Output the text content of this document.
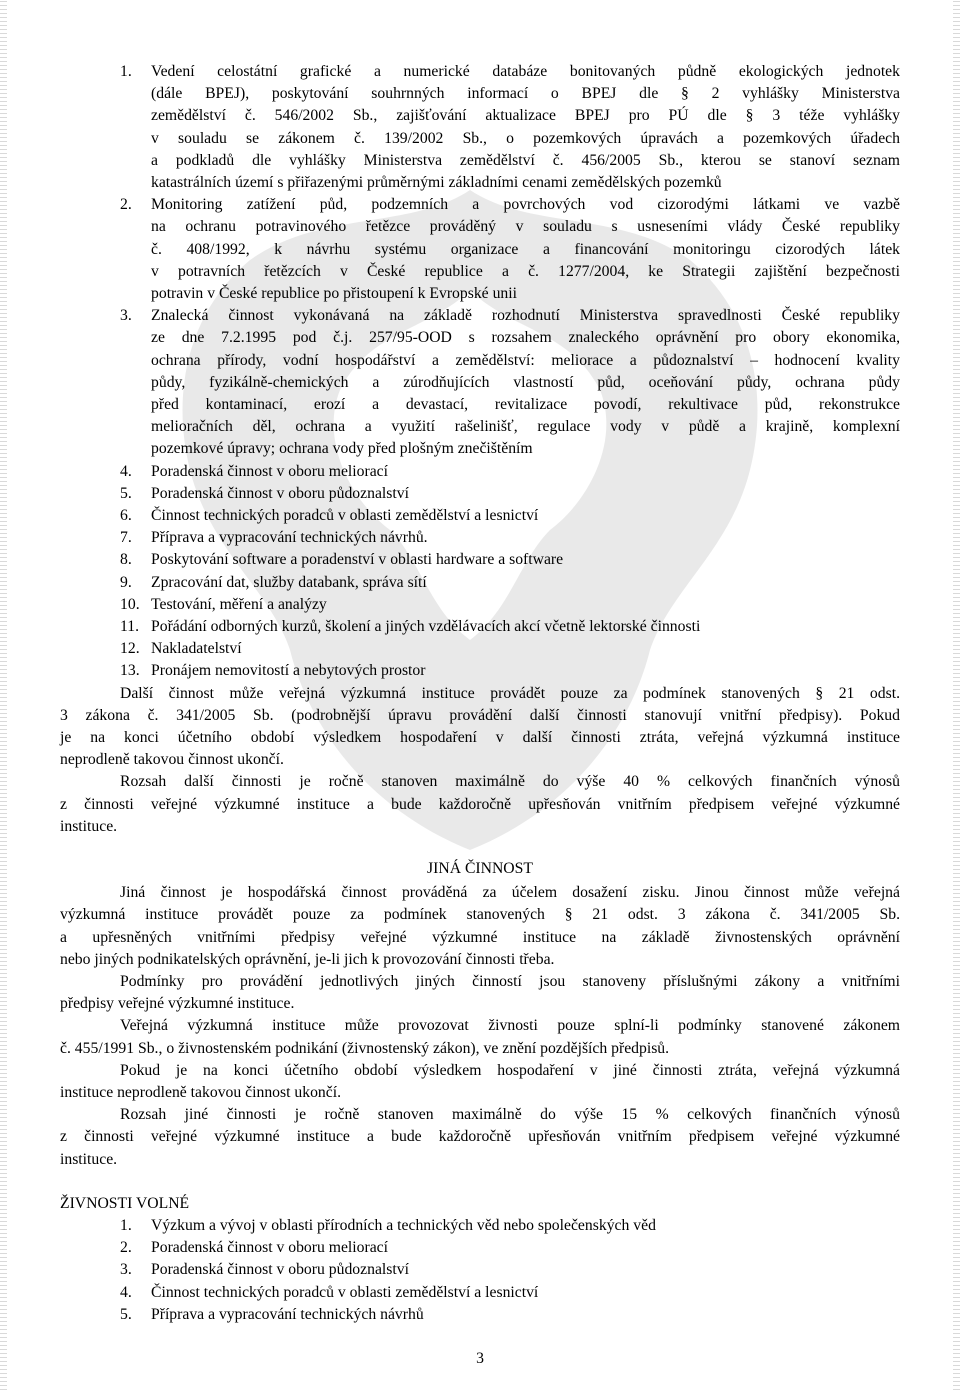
1. Vedení celostátní grafické a numerické databáze bonitovaných půdně ekologických jednotek
(dále BPEJ), poskytování souhrnných informací o BPEJ dle § 2 vyhlášky Ministerstva
zemědělství č. 546/2002 Sb., zajišťování aktualizace BPEJ pro PÚ dle § 3 téže vyhlášky
v souladu se zákonem č. 139/2002 Sb., o pozemkových úpravách a pozemkových úřadech
a podkladů dle vyhlášky Ministerstva zemědělství č. 456/2005 Sb., kterou se stanoví seznam
katastrálních území s přiřazenými průměrnými základními cenami zemědělských pozemků
2. Monitoring zatížení půd, podzemních a povrchových vod cizorodými látkami ve vazbě
na ochranu potravinového řetězce prováděný v souladu s usneseními vlády České republiky
č. 408/1992, k návrhu systému organizace a financování monitoringu cizorodých látek
v potravních řetězcích v České republice a č. 1277/2004, ke Strategii zajištění bezpečnosti
potravin v České republice po přistoupení k Evropské unii
3. Znalecká činnost vykonávaná na základě rozhodnutí Ministerstva spravedlnosti České republiky
ze dne 7.2.1995 pod č.j. 257/95-OOD s rozsahem znaleckého oprávnění pro obory ekonomika,
ochrana přírody, vodní hospodářství a zemědělství: meliorace a půdoznalství – hodnocení kvality
půdy, fyzikálně-chemických a zúrodňujících vlastností půd, oceňování půdy, ochrana půdy
před kontaminací, erozí a devastací, revitalizace povodí, rekultivace půd, rekonstrukce
melioračních děl, ochrana a využití rašelinišť, regulace vody v půdě a krajině, komplexní
pozemkové úpravy; ochrana vody před plošným znečištěním
4. Poradenská činnost v oboru meliorací
5. Poradenská činnost v oboru půdoznalství
6. Činnost technických poradců v oblasti zemědělství a lesnictví
7. Příprava a vypracování technických návrhů.
8. Poskytování software a poradenství v oblasti hardware a software
9. Zpracování dat, služby databank, správa sítí
10. Testování, měření a analýzy
11. Pořádání odborných kurzů, školení a jiných vzdělávacích akcí včetně lektorské činnosti
12. Nakladatelství
13. Pronájem nemovitostí a nebytových prostor
Další činnost může veřejná výzkumná instituce provádět pouze za podmínek stanovených § 21 odst.
3 zákona č. 341/2005 Sb. (podrobnější úpravu provádění další činnosti stanovují vnitřní předpisy). Pokud
je na konci účetního období výsledkem hospodaření v další činnosti ztráta, veřejná výzkumná instituce
neprodleně takovou činnost ukončí.
Rozsah další činnosti je ročně stanoven maximálně do výše 40 % celkových finančních výnosů
z činnosti veřejné výzkumné instituce a bude každoročně upřesňován vnitřním předpisem veřejné výzkumné
instituce.
JINÁ ČINNOST
Jiná činnost je hospodářská činnost prováděná za účelem dosažení zisku. Jinou činnost může veřejná
výzkumná instituce provádět pouze za podmínek stanovených § 21 odst. 3 zákona č. 341/2005 Sb.
a upřesněných vnitřními předpisy veřejné výzkumné instituce na základě živnostenských oprávnění
nebo jiných podnikatelských oprávnění, je-li jich k provozování činnosti třeba.
Podmínky pro provádění jednotlivých jiných činností jsou stanoveny příslušnými zákony a vnitřními
předpisy veřejné výzkumné instituce.
Veřejná výzkumná instituce může provozovat živnosti pouze splní-li podmínky stanovené zákonem
č. 455/1991 Sb., o živnostenském podnikání (živnostenský zákon), ve znění pozdějších předpisů.
Pokud je na konci účetního období výsledkem hospodaření v jiné činnosti ztráta, veřejná výzkumná
instituce neprodleně takovou činnost ukončí.
Rozsah jiné činnosti je ročně stanoven maximálně do výše 15 % celkových finančních výnosů
z činnosti veřejné výzkumné instituce a bude každoročně upřesňován vnitřním předpisem veřejné výzkumné
instituce.
ŽIVNOSTI VOLNÉ
1. Výzkum a vývoj v oblasti přírodních a technických věd nebo společenských věd
2. Poradenská činnost v oboru meliorací
3. Poradenská činnost v oboru půdoznalství
4. Činnost technických poradců v oblasti zemědělství a lesnictví
5. Příprava a vypracování technických návrhů
3
